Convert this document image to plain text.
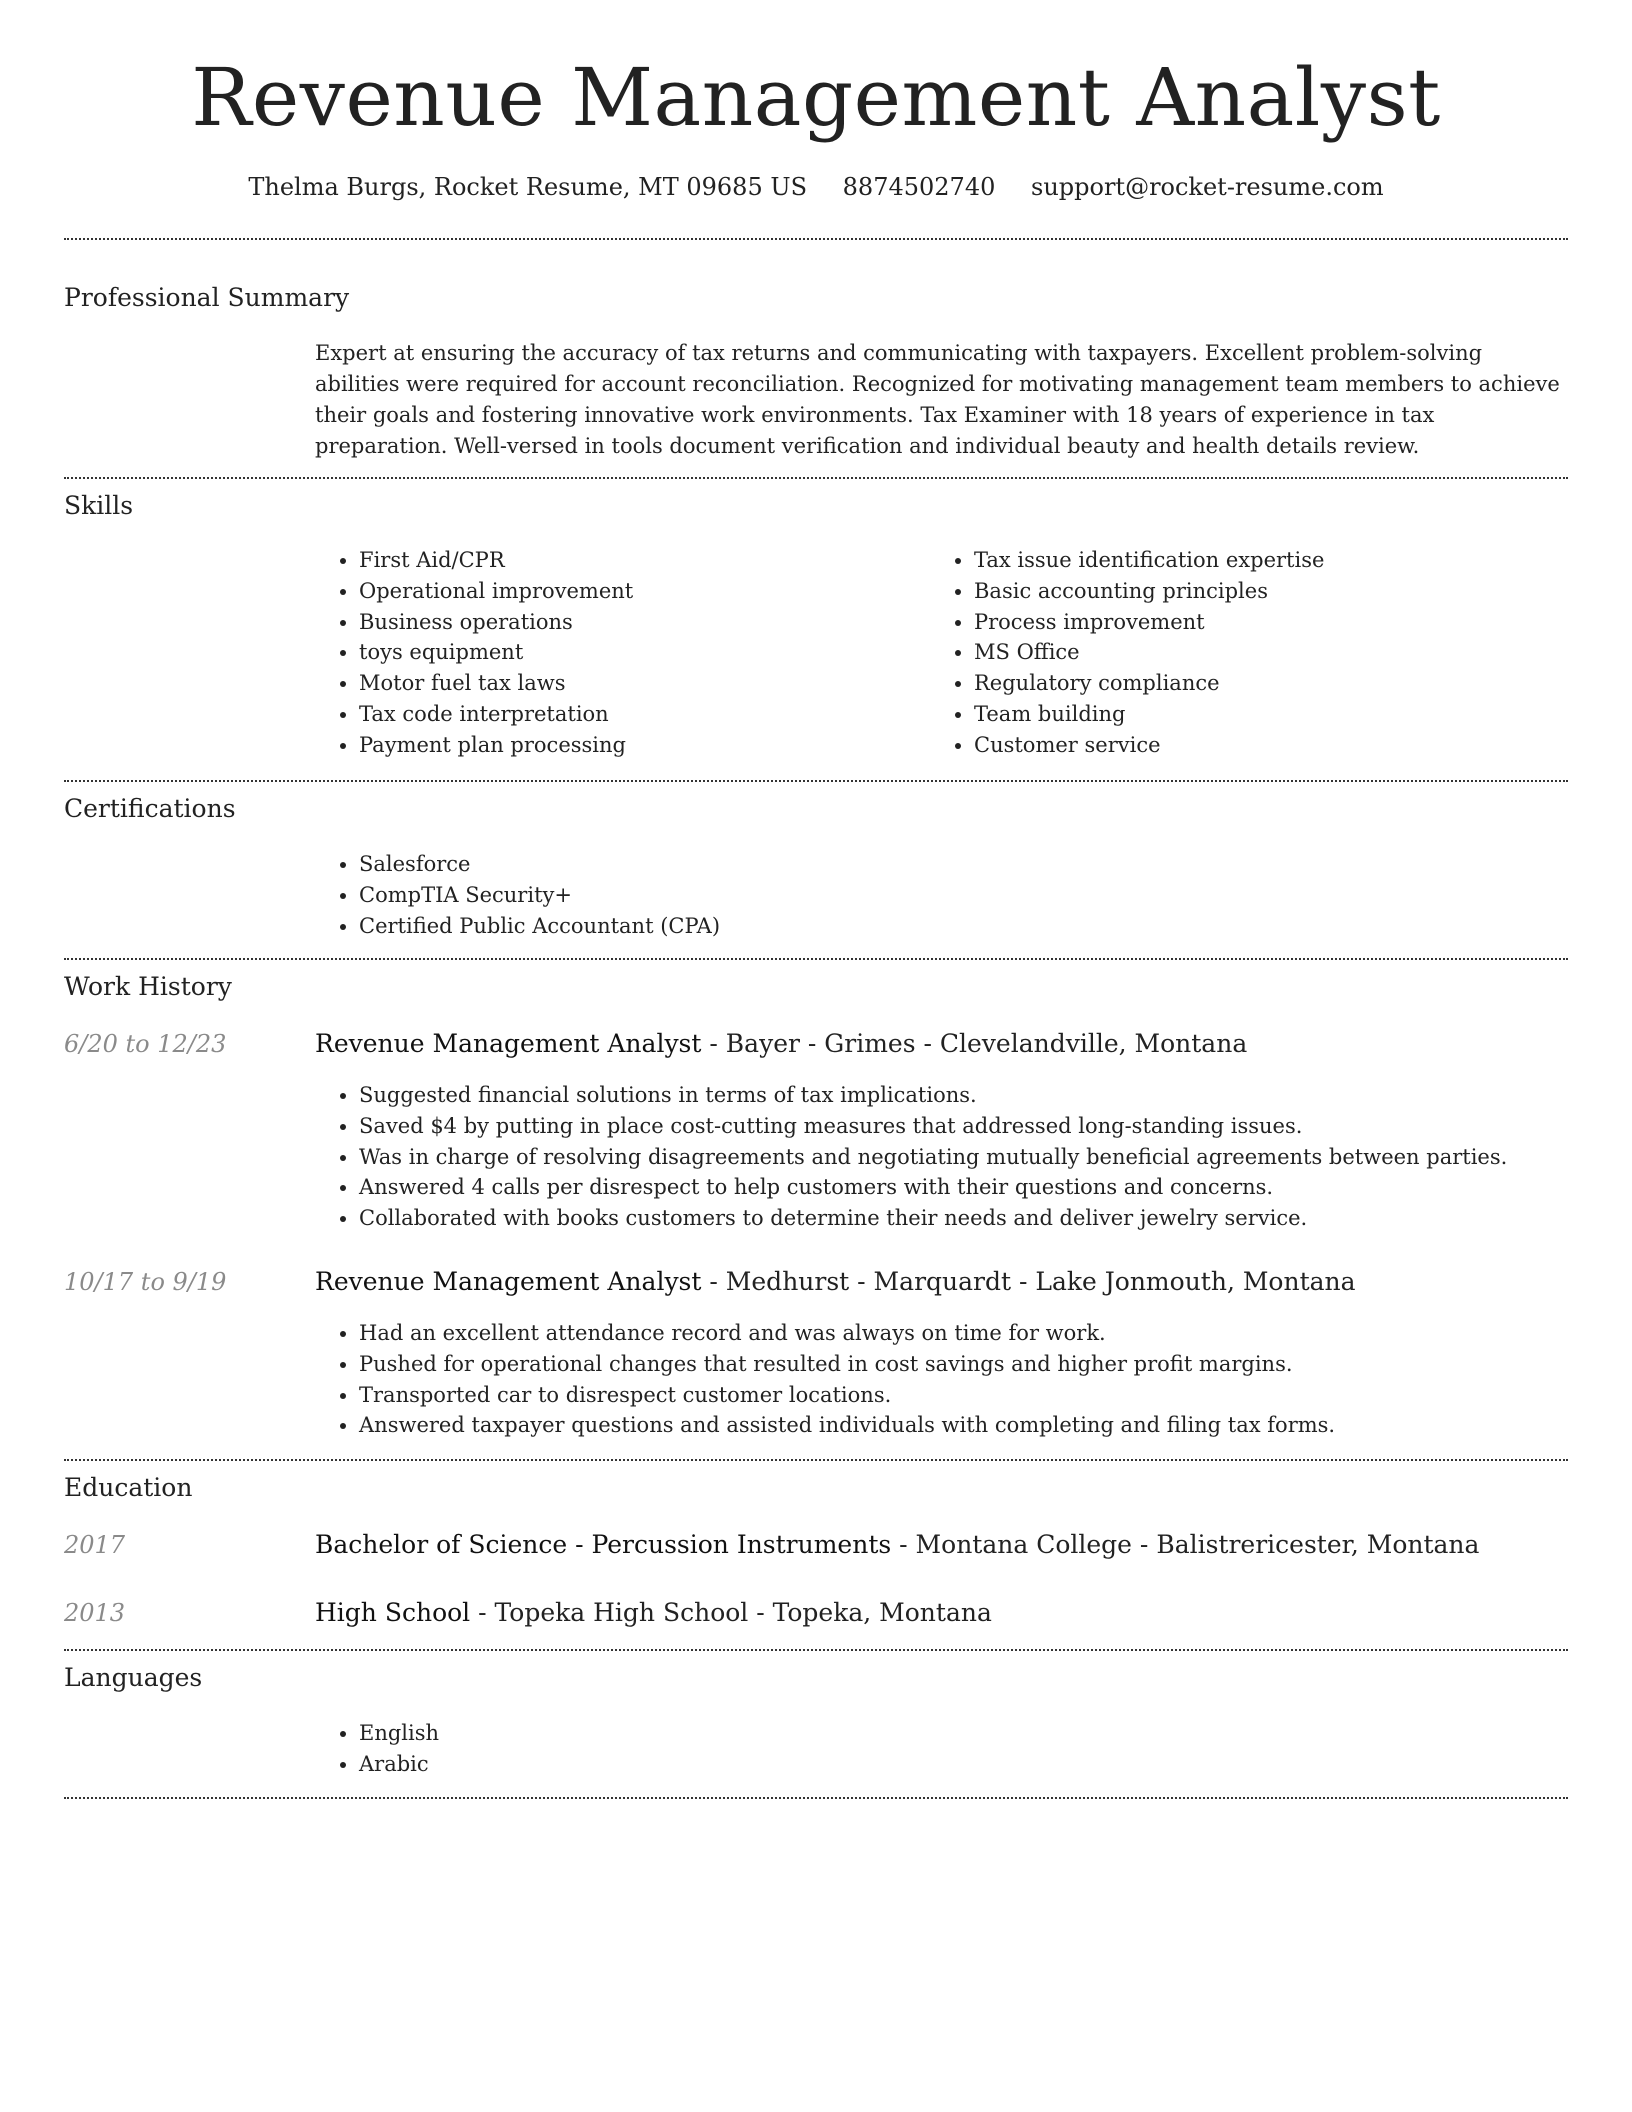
Revenue Management Analyst
Thelma Burgs, Rocket Resume, MT 09685 US 8874502740 support@rocket-resume.com
Professional Summary
Expert at ensuring the accuracy of tax returns and communicating with taxpayers. Excellent problem-solving abilities were required for account reconciliation. Recognized for motivating management team members to achieve their goals and fostering innovative work environments. Tax Examiner with 18 years of experience in tax preparation. Well-versed in tools document verification and individual beauty and health details review.
Skills
• First Aid/CPR
• Operational improvement
• Business operations
• toys equipment
• Motor fuel tax laws
• Tax code interpretation
• Payment plan processing
• Tax issue identification expertise
• Basic accounting principles
• Process improvement
• MS Office
• Regulatory compliance
• Team building
• Customer service
Certifications
• Salesforce
• CompTIA Security+
• Certified Public Accountant (CPA)
Work History
6/20 to 12/23	Revenue Management Analyst - Bayer - Grimes - Clevelandville, Montana
• Suggested financial solutions in terms of tax implications.
• Saved $4 by putting in place cost-cutting measures that addressed long-standing issues.
• Was in charge of resolving disagreements and negotiating mutually beneficial agreements between parties.
• Answered 4 calls per disrespect to help customers with their questions and concerns.
• Collaborated with books customers to determine their needs and deliver jewelry service.
10/17 to 9/19	Revenue Management Analyst - Medhurst - Marquardt - Lake Jonmouth, Montana
• Had an excellent attendance record and was always on time for work.
• Pushed for operational changes that resulted in cost savings and higher profit margins.
• Transported car to disrespect customer locations.
• Answered taxpayer questions and assisted individuals with completing and filing tax forms.
Education
2017	Bachelor of Science - Percussion Instruments - Montana College - Balistrericester, Montana
2013	High School - Topeka High School - Topeka, Montana
Languages
• English
• Arabic
